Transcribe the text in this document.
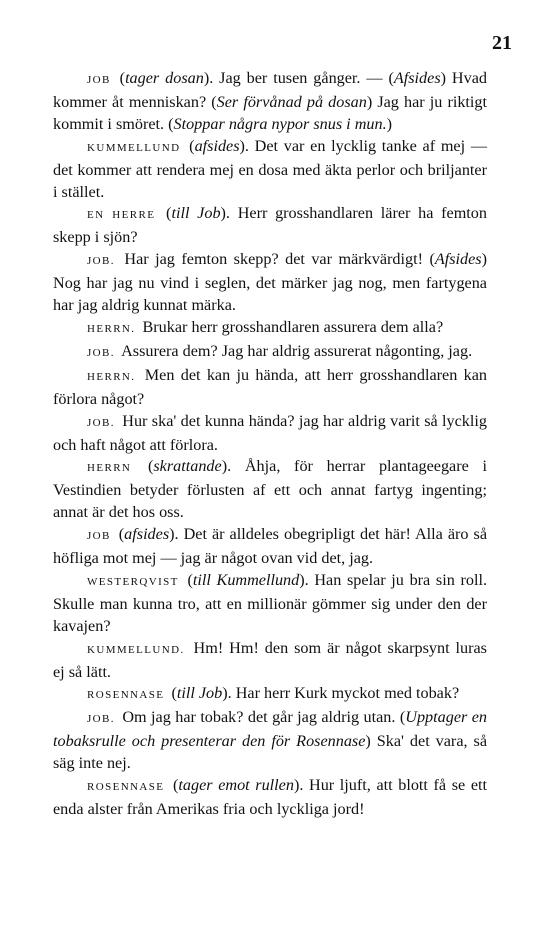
21

JOB (tager dosan). Jag ber tusen gånger. — (Afsides) Hvad kommer åt menniskan? (Ser förvånad på dosan) Jag har ju riktigt kommit i smöret. (Stoppar några nypor snus i mun.)

KUMMELLUND (afsides). Det var en lycklig tanke af mej — det kommer att rendera mej en dosa med äkta perlor och briljanter i stället.

EN HERRE (till Job). Herr grosshandlaren lärer ha femton skepp i sjön?

JOB. Har jag femton skepp? det var märkvärdigt! (Afsides) Nog har jag nu vind i seglen, det märker jag nog, men fartygena har jag aldrig kunnat märka.

HERRN. Brukar herr grosshandlaren assurera dem alla?

JOB. Assurera dem? Jag har aldrig assurerat någonting, jag.

HERRN. Men det kan ju hända, att herr grosshandlaren kan förlora något?

JOB. Hur ska' det kunna hända? jag har aldrig varit så lycklig och haft något att förlora.

HERRN (skrattande). Åhja, för herrar plantageegare i Vestindien betyder förlusten af ett och annat fartyg ingenting; annat är det hos oss.

JOB (afsides). Det är alldeles obegripligt det här! Alla äro så höfliga mot mej — jag är något ovan vid det, jag.

WESTERQVIST (till Kummellund). Han spelar ju bra sin roll. Skulle man kunna tro, att en millionär gömmer sig under den der kavajen?

KUMMELLUND. Hm! Hm! den som är något skarpsynt luras ej så lätt.

ROSENNASE (till Job). Har herr Kurk myckot med tobak?

JOB. Om jag har tobak? det går jag aldrig utan. (Upptager en tobaksrulle och presenterar den för Rosennase) Ska' det vara, så säg inte nej.

ROSENNASE (tager emot rullen). Hur ljuft, att blott få se ett enda alster från Amerikas fria och lyckliga jord!
